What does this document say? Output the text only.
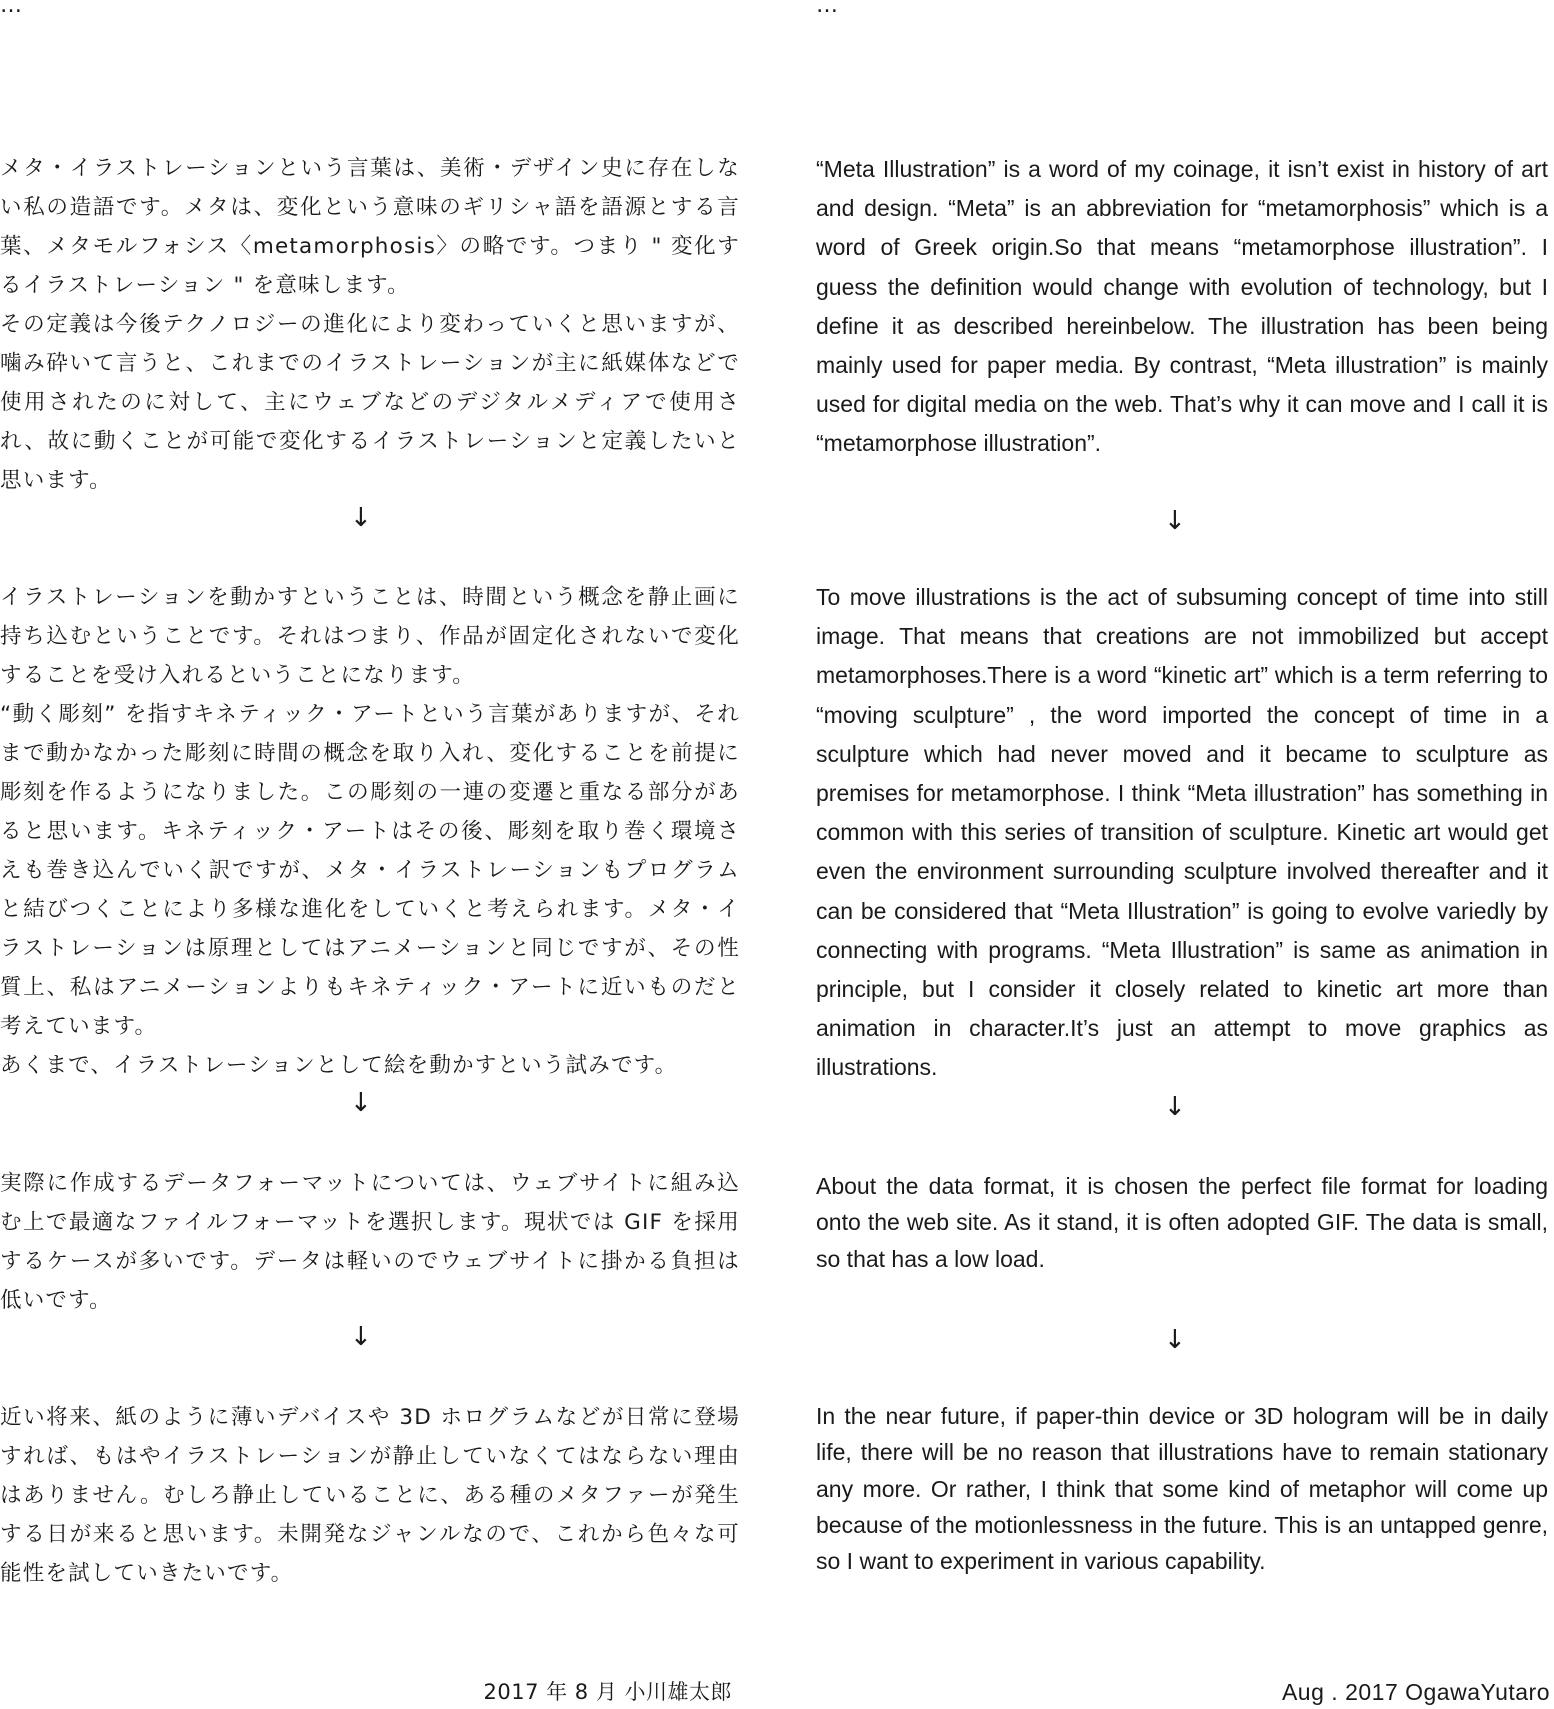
…

メタ・イラストレーションという言葉は、美術・デザイン史に存在しない私の造語です。メタは、変化という意味のギリシャ語を語源とする言葉、メタモルフォシス〈metamorphosis〉の略です。つまり " 変化するイラストレーション " を意味します。
その定義は今後テクノロジーの進化により変わっていくと思いますが、噛み砕いて言うと、これまでのイラストレーションが主に紙媒体などで使用されたのに対して、主にウェブなどのデジタルメディアで使用され、故に動くことが可能で変化するイラストレーションと定義したいと思います。

↓

イラストレーションを動かすということは、時間という概念を静止画に持ち込むということです。それはつまり、作品が固定化されないで変化することを受け入れるということになります。
“動く彫刻” を指すキネティック・アートという言葉がありますが、それまで動かなかった彫刻に時間の概念を取り入れ、変化することを前提に彫刻を作るようになりました。この彫刻の一連の変遷と重なる部分があると思います。キネティック・アートはその後、彫刻を取り巻く環境さえも巻き込んでいく訳ですが、メタ・イラストレーションもプログラムと結びつくことにより多様な進化をしていくと考えられます。メタ・イラストレーションは原理としてはアニメーションと同じですが、その性質上、私はアニメーションよりもキネティック・アートに近いものだと考えています。
あくまで、イラストレーションとして絵を動かすという試みです。

↓

実際に作成するデータフォーマットについては、ウェブサイトに組み込む上で最適なファイルフォーマットを選択します。現状では GIF を採用するケースが多いです。データは軽いのでウェブサイトに掛かる負担は低いです。

↓

近い将来、紙のように薄いデバイスや 3D ホログラムなどが日常に登場すれば、もはやイラストレーションが静止していなくてはならない理由はありません。むしろ静止していることに、ある種のメタファーが発生する日が来ると思います。未開発なジャンルなので、これから色々な可能性を試していきたいです。

…

“Meta Illustration” is a word of my coinage, it isn’t exist in history of art and design. “Meta” is an abbreviation for “metamorphosis” which is a word of Greek origin.So that means “metamorphose illustration”. I guess the definition would change with evolution of technology, but I define it as described hereinbelow. The illustration has been being mainly used for paper media. By contrast, “Meta illustration” is mainly used for digital media on the web. That’s why it can move and I call it is “metamorphose illustration”.

↓

To move illustrations is the act of subsuming concept of time into still image. That means that creations are not immobilized but accept metamorphoses.There is a word “kinetic art” which is a term referring to “moving sculpture” , the word imported the concept of time in a sculpture which had never moved and it became to sculpture as premises for metamorphose. I think “Meta illustration” has something in common with this series of transition of sculpture. Kinetic art would get even the environment surrounding sculpture involved thereafter and it can be considered that “Meta Illustration” is going to evolve variedly by connecting with programs. “Meta Illustration” is same as animation in principle, but I consider it closely related to kinetic art more than animation in character.It’s just an attempt to move graphics as illustrations.

↓

About the data format, it is chosen the perfect file format for loading onto the web site. As it stand, it is often adopted GIF. The data is small, so that has a low load.

↓

In the near future, if paper-thin device or 3D hologram will be in daily life, there will be no reason that illustrations have to remain stationary any more. Or rather, I think that some kind of metaphor will come up because of the motionlessness in the future. This is an untapped genre, so I want to experiment in various capability.

2017 年 8 月 小川雄太郎	Aug . 2017 OgawaYutaro
